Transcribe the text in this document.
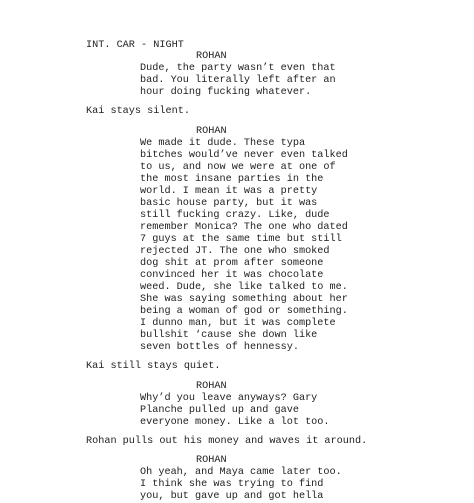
INT. CAR - NIGHT

ROHAN

Dude, the party wasn’t even that

bad. You literally left after an

hour doing fucking whatever.

Kai stays silent.

ROHAN

We made it dude. These typa

bitches would’ve never even talked

to us, and now we were at one of

the most insane parties in the

world. I mean it was a pretty

basic house party, but it was

still fucking crazy. Like, dude

remember Monica? The one who dated

7 guys at the same time but still

rejected JT. The one who smoked

dog shit at prom after someone

convinced her it was chocolate

weed. Dude, she like talked to me.

She was saying something about her

being a woman of god or something.

I dunno man, but it was complete

bullshit ‘cause she down like

seven bottles of hennessy.

Kai still stays quiet.

ROHAN

Why’d you leave anyways? Gary

Planche pulled up and gave

everyone money. Like a lot too.

Rohan pulls out his money and waves it around.

ROHAN

Oh yeah, and Maya came later too.

I think she was trying to find

you, but gave up and got hella
